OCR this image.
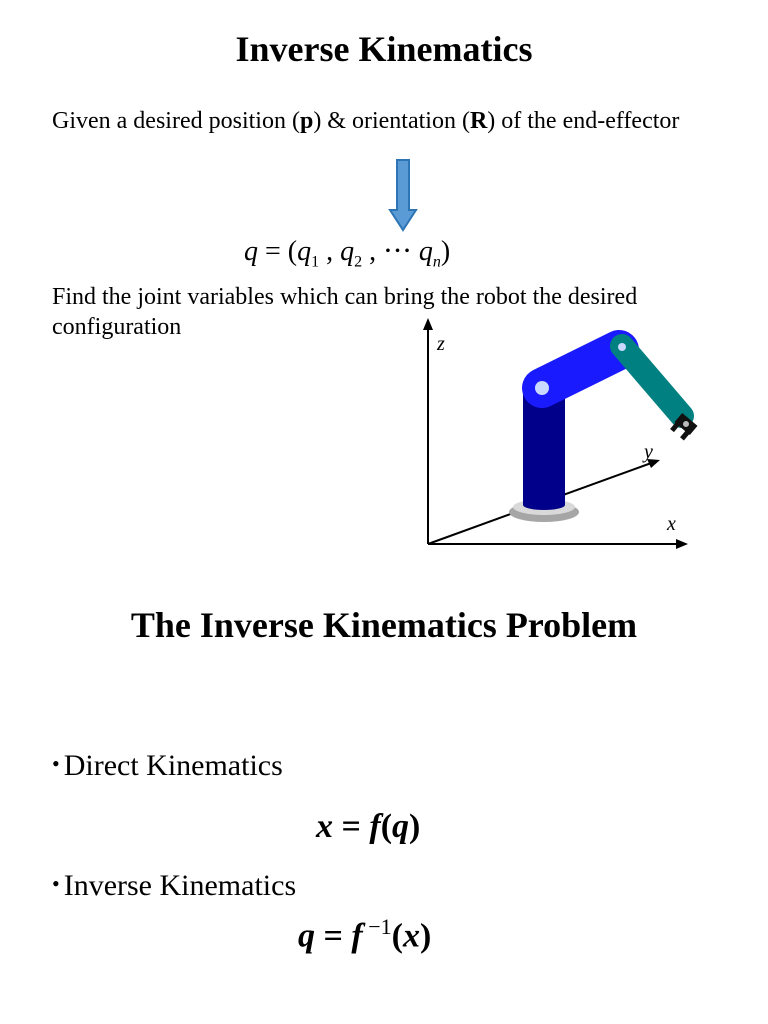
Inverse Kinematics
Given a desired position (p) & orientation (R) of the end-effector
$q = (q_1$ , $q_2$ , ⋅⋅⋅ $q_n$)
Find the joint variables which can bring the robot the desired configuration
z
y
x
The Inverse Kinematics Problem
• Direct Kinematics
x = f(q)
• Inverse Kinematics
q = f $^{-1}$(x)
